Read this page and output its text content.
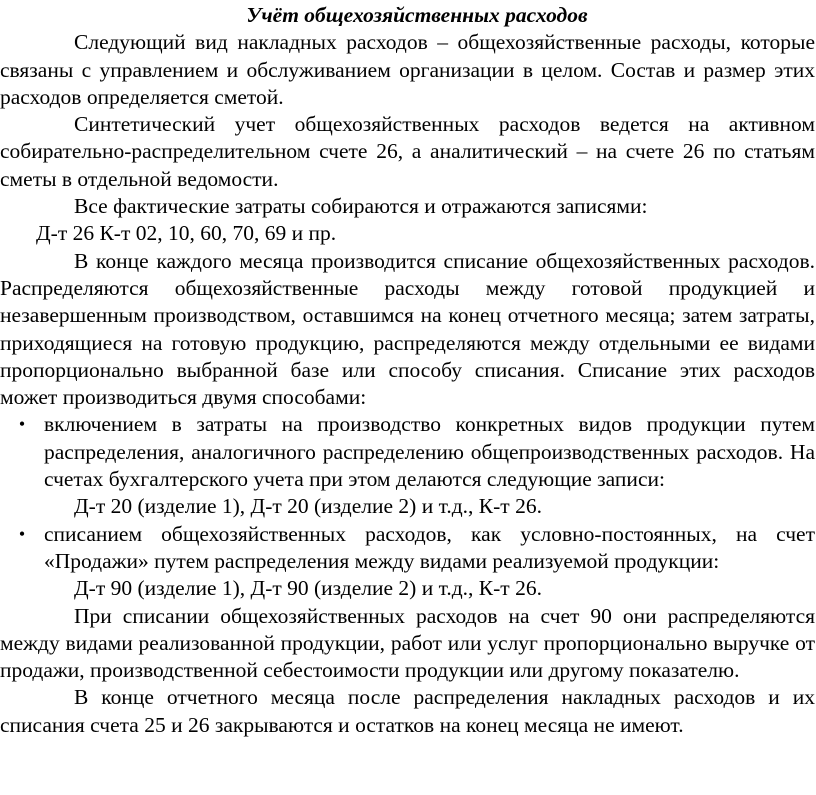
Учёт общехозяйственных расходов

Следующий вид накладных расходов – общехозяйственные расходы, которые связаны с управлением и обслуживанием организации в целом. Состав и размер этих расходов определяется сметой.

Синтетический учет общехозяйственных расходов ведется на активном собирательно-распределительном счете 26, а аналитический – на счете 26 по статьям сметы в отдельной ведомости.

Все фактические затраты собираются и отражаются записями:

Д-т 26 К-т 02, 10, 60, 70, 69 и пр.

В конце каждого месяца производится списание общехозяйственных расходов. Распределяются общехозяйственные расходы между готовой продукцией и незавершенным производством, оставшимся на конец отчетного месяца; затем затраты, приходящиеся на готовую продукцию, распределяются между отдельными ее видами пропорционально выбранной базе или способу списания. Списание этих расходов может производиться двумя способами:

• включением в затраты на производство конкретных видов продукции путем распределения, аналогичного распределению общепроизводственных расходов. На счетах бухгалтерского учета при этом делаются следующие записи:

Д-т 20 (изделие 1), Д-т 20 (изделие 2) и т.д., К-т 26.

• списанием общехозяйственных расходов, как условно-постоянных, на счет «Продажи» путем распределения между видами реализуемой продукции:

Д-т 90 (изделие 1), Д-т 90 (изделие 2) и т.д., К-т 26.

При списании общехозяйственных расходов на счет 90 они распределяются между видами реализованной продукции, работ или услуг пропорционально выручке от продажи, производственной себестоимости продукции или другому показателю.

В конце отчетного месяца после распределения накладных расходов и их списания счета 25 и 26 закрываются и остатков на конец месяца не имеют.
